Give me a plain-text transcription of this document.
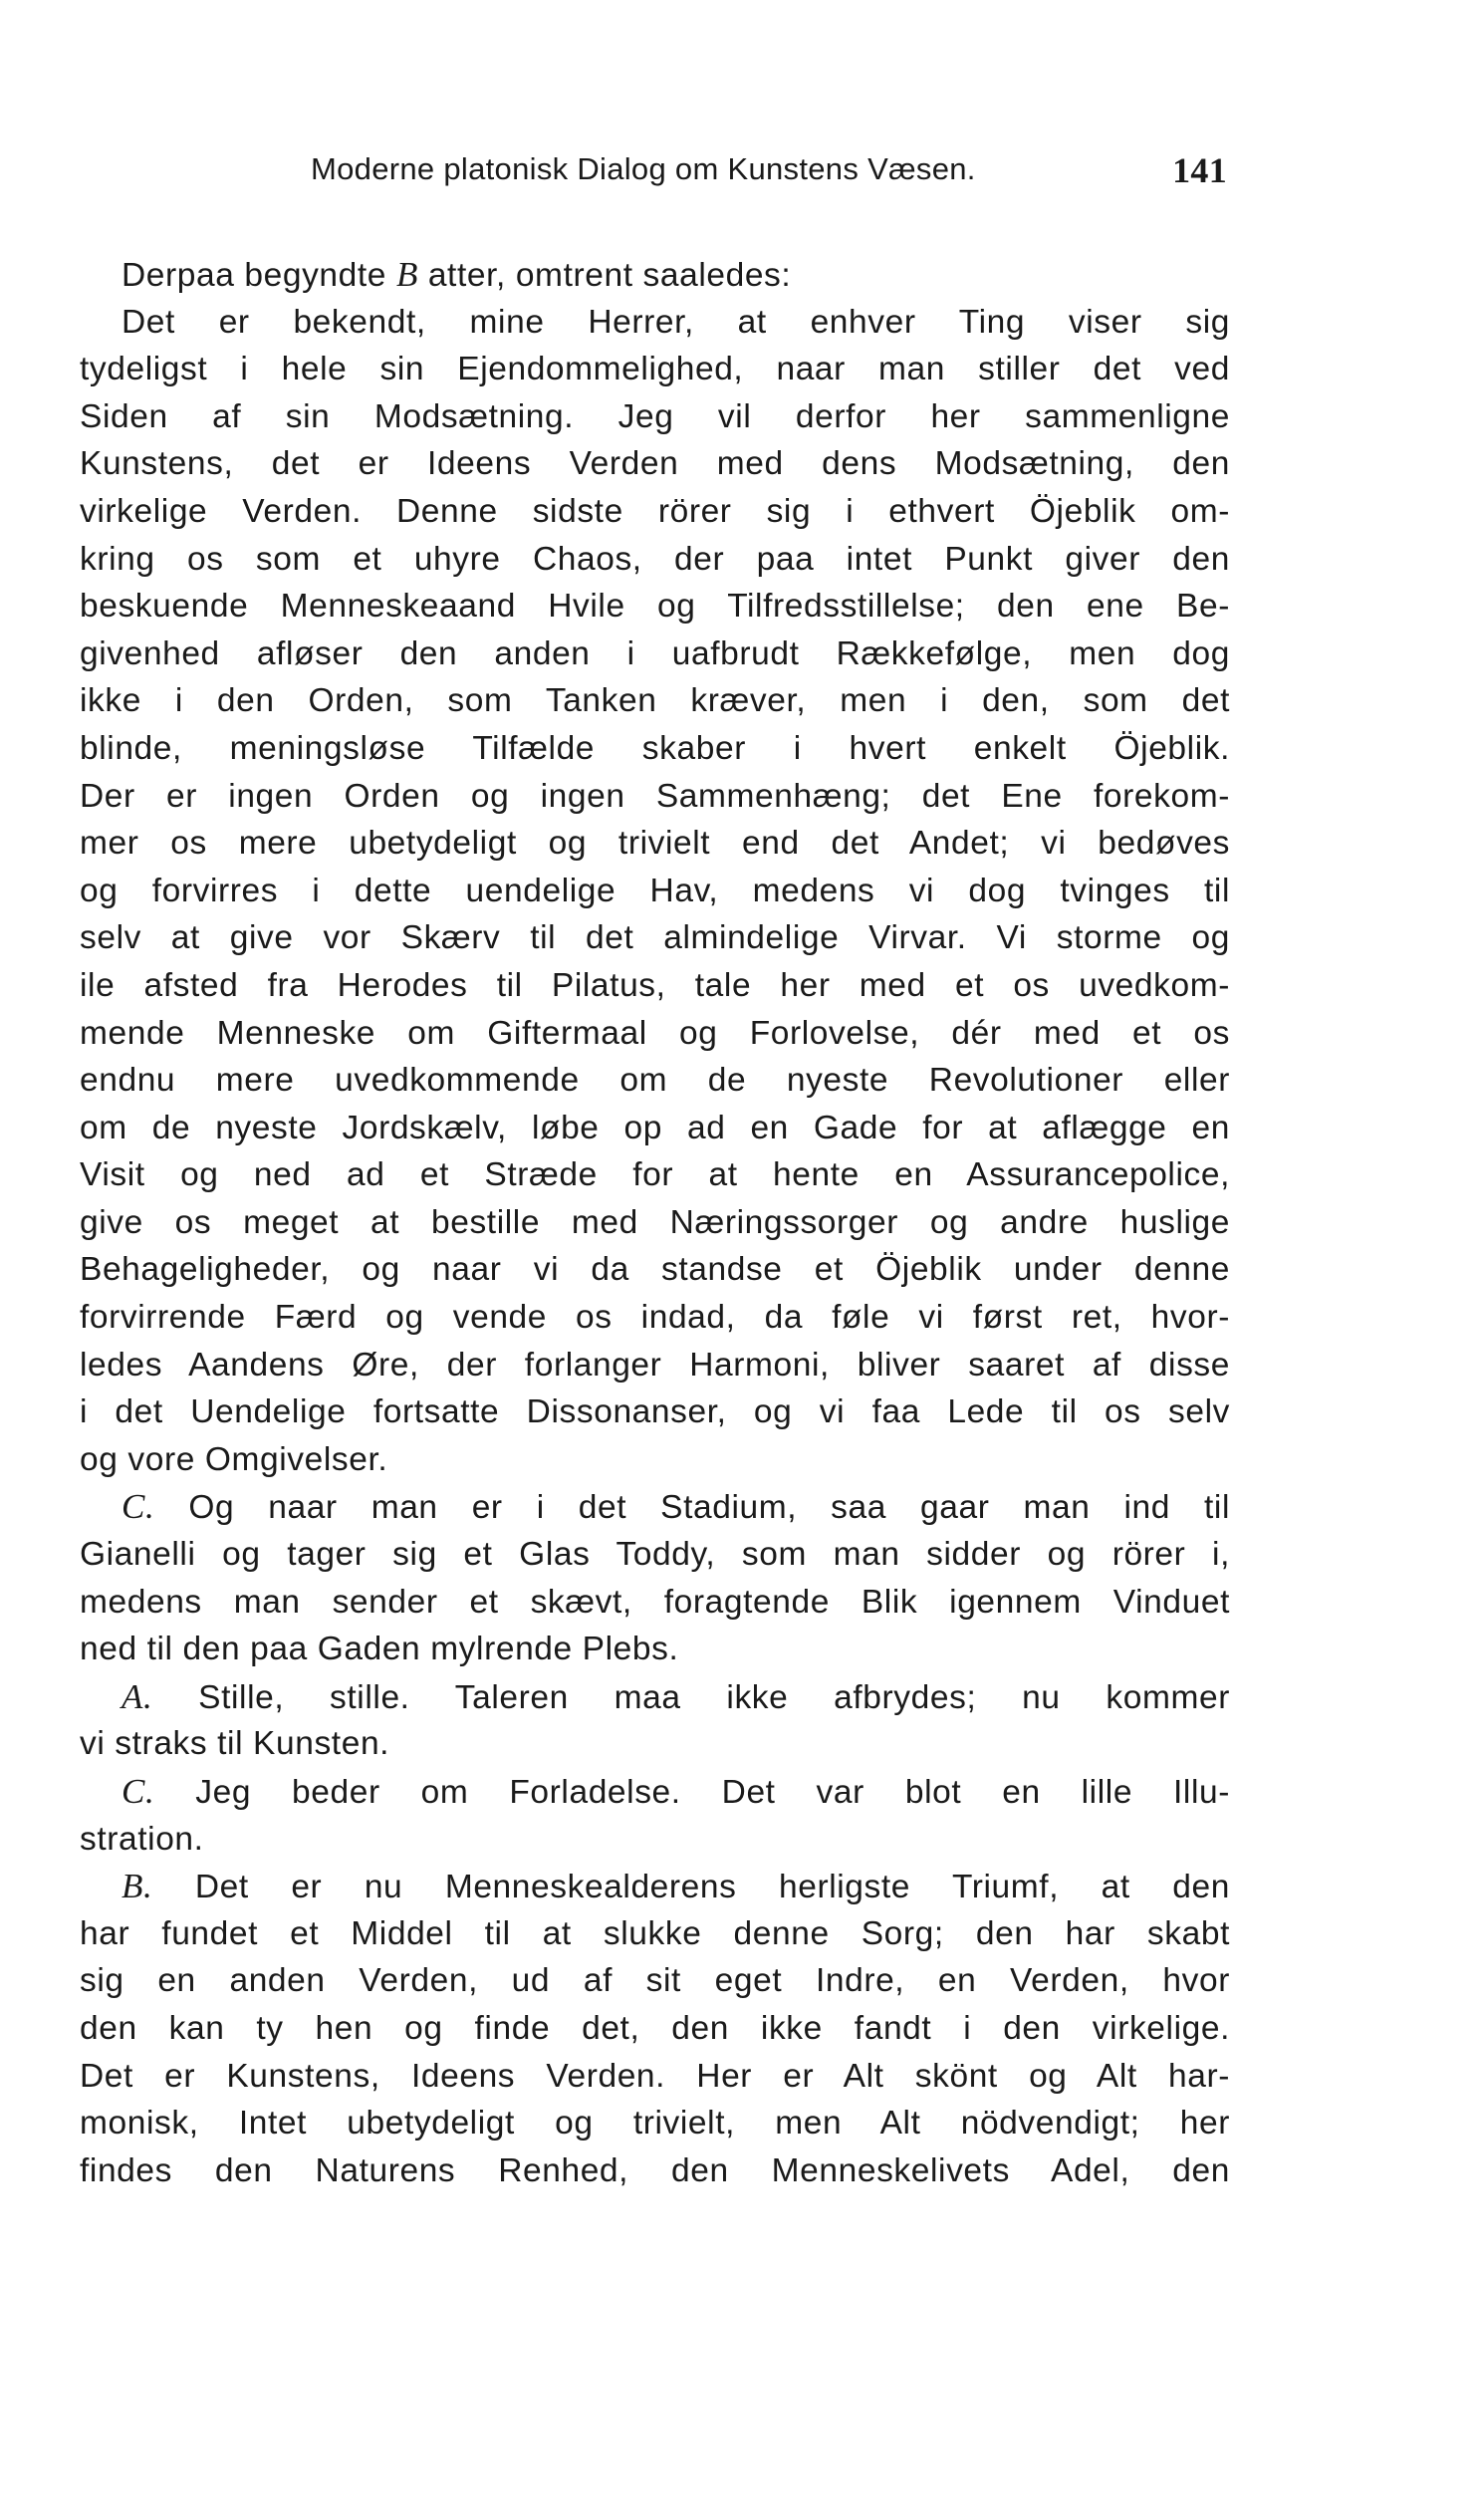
Moderne platonisk Dialog om Kunstens Væsen.	141
Derpaa begyndte B atter, omtrent saaledes:
Det er bekendt, mine Herrer, at enhver Ting viser sig
tydeligst i hele sin Ejendommelighed, naar man stiller det ved
Siden af sin Modsætning. Jeg vil derfor her sammenligne
Kunstens, det er Ideens Verden med dens Modsætning, den
virkelige Verden. Denne sidste rörer sig i ethvert Öjeblik om-
kring os som et uhyre Chaos, der paa intet Punkt giver den
beskuende Menneskeaand Hvile og Tilfredsstillelse; den ene Be-
givenhed afløser den anden i uafbrudt Rækkefølge, men dog
ikke i den Orden, som Tanken kræver, men i den, som det
blinde, meningsløse Tilfælde skaber i hvert enkelt Öjeblik.
Der er ingen Orden og ingen Sammenhæng; det Ene forekom-
mer os mere ubetydeligt og trivielt end det Andet; vi bedøves
og forvirres i dette uendelige Hav, medens vi dog tvinges til
selv at give vor Skærv til det almindelige Virvar. Vi storme og
ile afsted fra Herodes til Pilatus, tale her med et os uvedkom-
mende Menneske om Giftermaal og Forlovelse, dér med et os
endnu mere uvedkommende om de nyeste Revolutioner eller
om de nyeste Jordskælv, løbe op ad en Gade for at aflægge en
Visit og ned ad et Stræde for at hente en Assurancepolice,
give os meget at bestille med Næringssorger og andre huslige
Behageligheder, og naar vi da standse et Öjeblik under denne
forvirrende Færd og vende os indad, da føle vi først ret, hvor-
ledes Aandens Øre, der forlanger Harmoni, bliver saaret af disse
i det Uendelige fortsatte Dissonanser, og vi faa Lede til os selv
og vore Omgivelser.
C. Og naar man er i det Stadium, saa gaar man ind til
Gianelli og tager sig et Glas Toddy, som man sidder og rörer i,
medens man sender et skævt, foragtende Blik igennem Vinduet
ned til den paa Gaden mylrende Plebs.
A. Stille, stille. Taleren maa ikke afbrydes; nu kommer
vi straks til Kunsten.
C. Jeg beder om Forladelse. Det var blot en lille Illu-
stration.
B. Det er nu Menneskealderens herligste Triumf, at den
har fundet et Middel til at slukke denne Sorg; den har skabt
sig en anden Verden, ud af sit eget Indre, en Verden, hvor
den kan ty hen og finde det, den ikke fandt i den virkelige.
Det er Kunstens, Ideens Verden. Her er Alt skönt og Alt har-
monisk, Intet ubetydeligt og trivielt, men Alt nödvendigt; her
findes den Naturens Renhed, den Menneskelivets Adel, den
